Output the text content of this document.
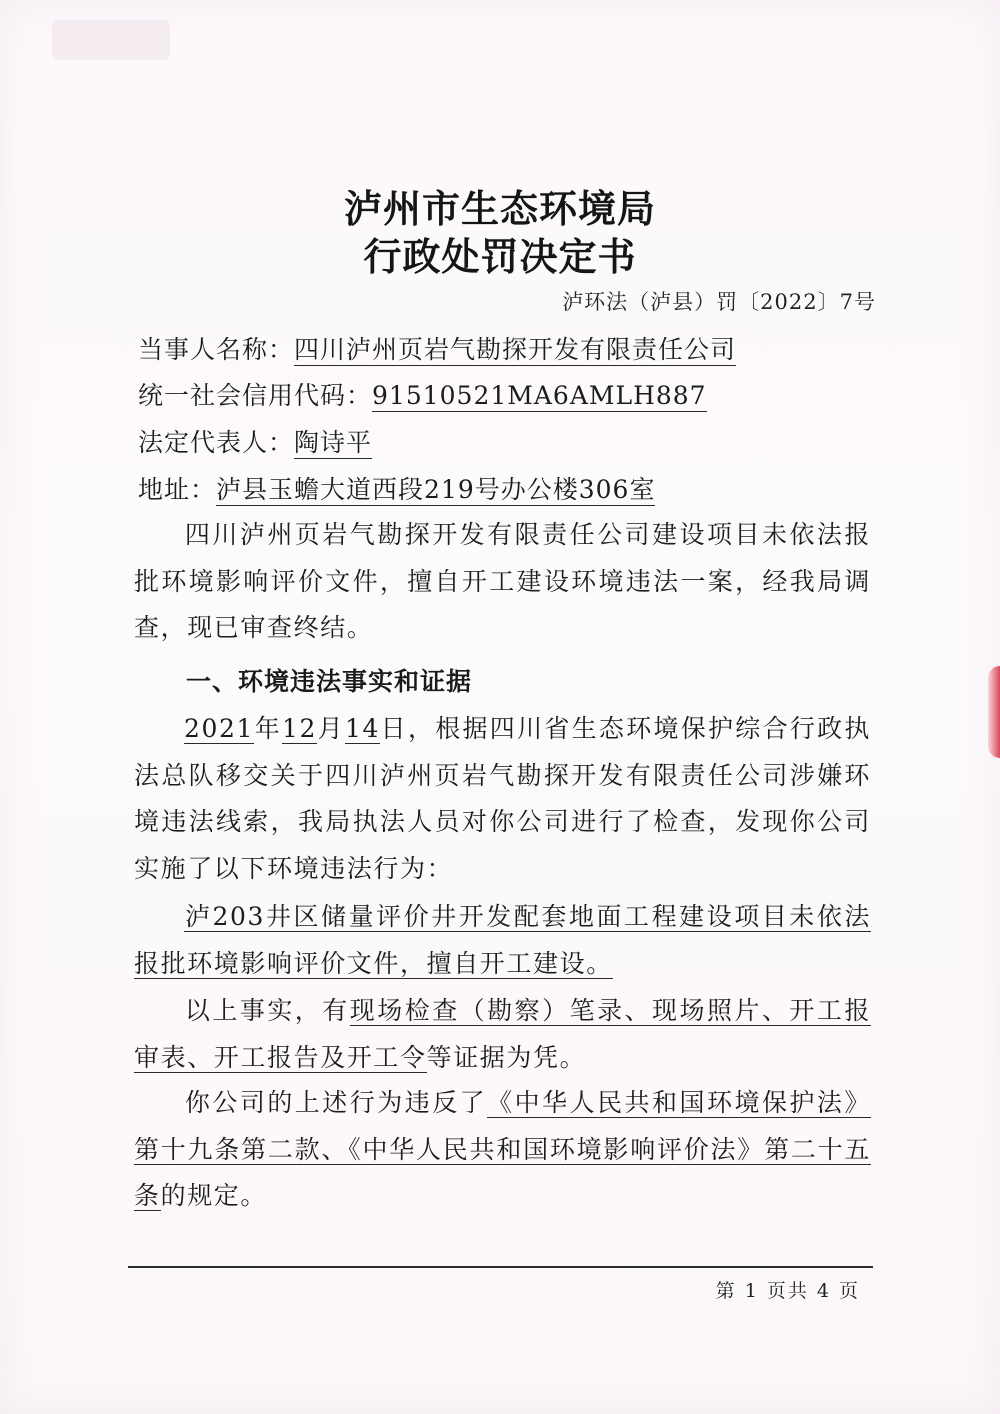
泸州市生态环境局
行政处罚决定书
泸环法（泸县）罚〔2022〕7号
当事人名称：四川泸州页岩气勘探开发有限责任公司
统一社会信用代码：91510521MA6AMLH887
法定代表人：陶诗平
地址：泸县玉蟾大道西段219号办公楼306室

四川泸州页岩气勘探开发有限责任公司建设项目未依法报批环境影响评价文件，擅自开工建设环境违法一案，经我局调查，现已审查终结。

一、环境违法事实和证据

2021年12月14日，根据四川省生态环境保护综合行政执法总队移交关于四川泸州页岩气勘探开发有限责任公司涉嫌环境违法线索，我局执法人员对你公司进行了检查，发现你公司实施了以下环境违法行为：

泸203井区储量评价井开发配套地面工程建设项目未依法报批环境影响评价文件，擅自开工建设。

以上事实，有现场检查（勘察）笔录、现场照片、开工报审表、开工报告及开工令等证据为凭。

你公司的上述行为违反了《中华人民共和国环境保护法》第十九条第二款、《中华人民共和国环境影响评价法》第二十五条的规定。

第 1 页共 4 页
